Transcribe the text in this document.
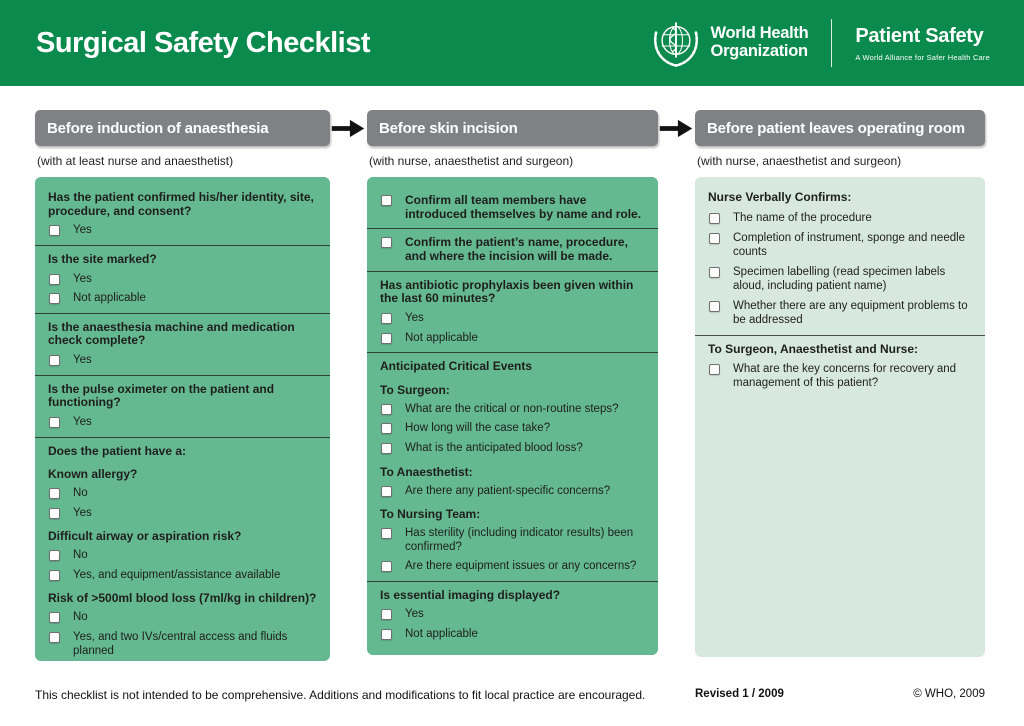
Surgical Safety Checklist	World Health
Organization
Patient Safety
A World Alliance for Safer Health Care
Before induction of anaesthesia
(with at least nurse and anaesthetist)
Has the patient confirmed his/her identity, site, procedure, and consent?
Yes
Is the site marked?
Yes
Not applicable
Is the anaesthesia machine and medication check complete?
Yes
Is the pulse oximeter on the patient and functioning?
Yes
Does the patient have a:
Known allergy?
No
Yes
Difficult airway or aspiration risk?
No
Yes, and equipment/assistance available
Risk of >500ml blood loss (7ml/kg in children)?
No
Yes, and two IVs/central access and fluids planned
Before skin incision
(with nurse, anaesthetist and surgeon)
Confirm all team members have introduced themselves by name and role.
Confirm the patient’s name, procedure, and where the incision will be made.
Has antibiotic prophylaxis been given within the last 60 minutes?
Yes
Not applicable
Anticipated Critical Events
To Surgeon:
What are the critical or non-routine steps?
How long will the case take?
What is the anticipated blood loss?
To Anaesthetist:
Are there any patient-specific concerns?
To Nursing Team:
Has sterility (including indicator results) been confirmed?
Are there equipment issues or any concerns?
Is essential imaging displayed?
Yes
Not applicable
Before patient leaves operating room
(with nurse, anaesthetist and surgeon)
Nurse Verbally Confirms:
The name of the procedure
Completion of instrument, sponge and needle counts
Specimen labelling (read specimen labels aloud, including patient name)
Whether there are any equipment problems to be addressed
To Surgeon, Anaesthetist and Nurse:
What are the key concerns for recovery and management of this patient?
This checklist is not intended to be comprehensive. Additions and modifications to fit local practice are encouraged.	Revised 1 / 2009	© WHO, 2009
